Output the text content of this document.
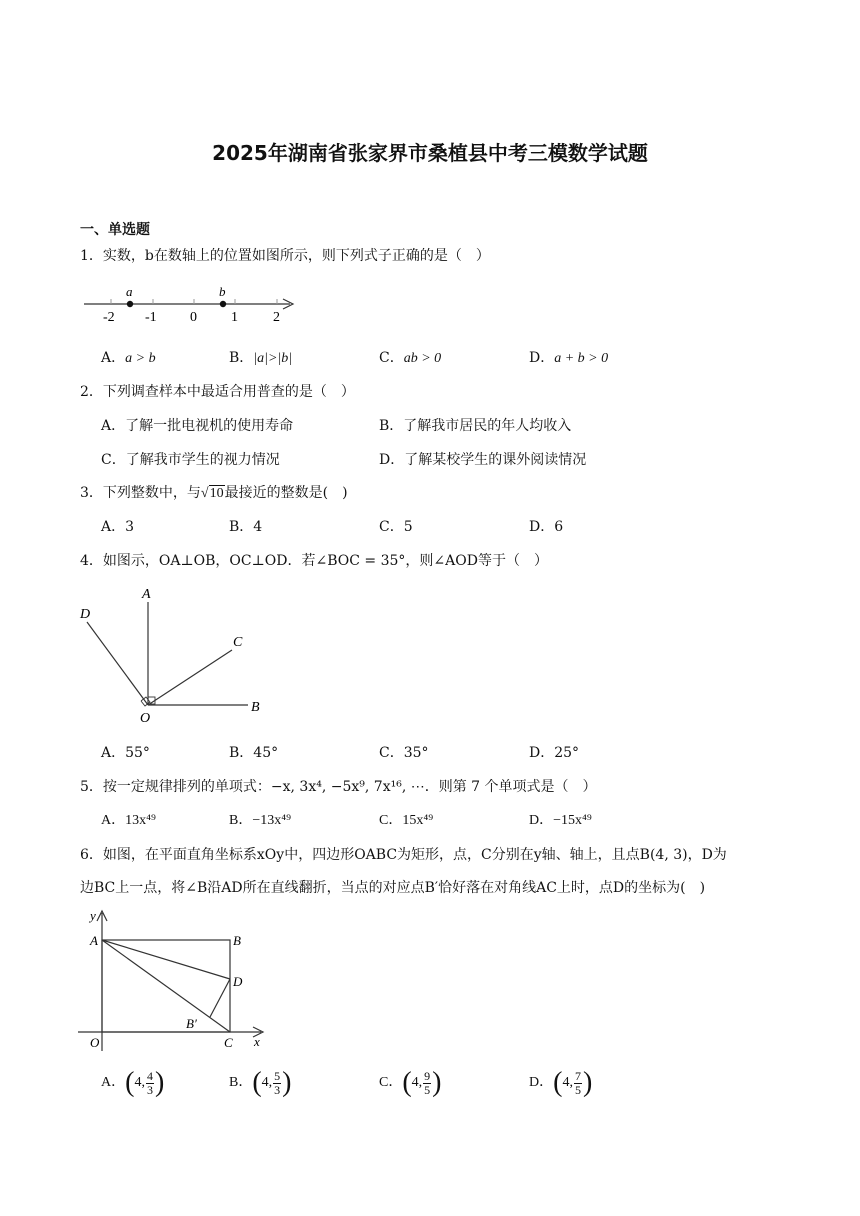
2025年湖南省张家界市桑植县中考三模数学试题
一、单选题
1．实数，b在数轴上的位置如图所示，则下列式子正确的是（　）
a	b
-2 -1 0 1	2
A．a > b	B．|a|>|b|	C．ab > 0	D．a + b > 0
2．下列调查样本中最适合用普查的是（　）
A．了解一批电视机的使用寿命	B．了解我市居民的年人均收入
C．了解我市学生的视力情况	D．了解某校学生的课外阅读情况
3．下列整数中，与√10最接近的整数是(　)
A．3	B．4	C．5	D．6
4．如图示，OA⊥OB，OC⊥OD．若∠BOC = 35°，则∠AOD等于（　）
D
A
C
O
B
A．55°	B．45°	C．35°	D．25°
5．按一定规律排列的单项式：−x, 3x⁴, −5x⁹, 7x¹⁶, ⋯．则第 7 个单项式是（　）
A．13x⁴⁹	B．−13x⁴⁹	C．15x⁴⁹	D．−15x⁴⁹
6．如图，在平面直角坐标系xOy中，四边形OABC为矩形，点，C分别在y轴、轴上，且点B(4, 3)，D为
边BC上一点，将∠B沿AD所在直线翻折，当点的对应点B′恰好落在对角线AC上时，点D的坐标为(　)
y
A	B
D
B′
O	C x
A．(4, $\frac{4}{3}$ )	B．(4, $\frac{5}{3}$ )	C．(4, $\frac{9}{5}$ )	D．(4, $\frac{7}{5}$ )
